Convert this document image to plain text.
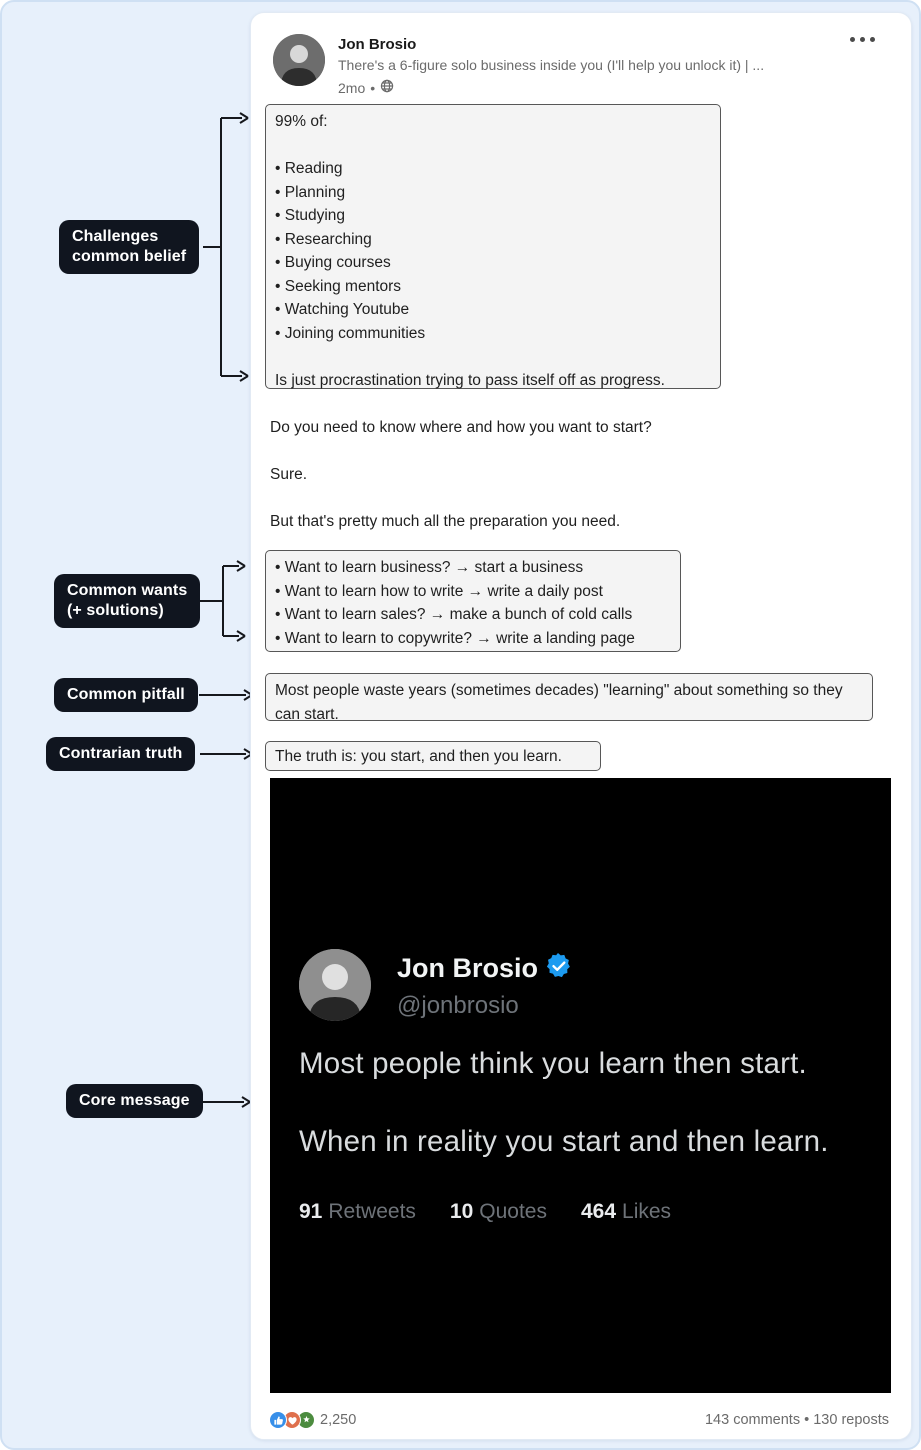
Challenges
common belief
Common wants
(+ solutions)
Common pitfall
Contrarian truth
Core message
Jon Brosio
There's a 6-figure solo business inside you (I'll help you unlock it) | ...
2mo •
99% of:

• Reading
• Planning
• Studying
• Researching
• Buying courses
• Seeking mentors
• Watching Youtube
• Joining communities

Is just procrastination trying to pass itself off as progress.
Do you need to know where and how you want to start?
Sure.
But that's pretty much all the preparation you need.
• Want to learn business? → start a business
• Want to learn how to write → write a daily post
• Want to learn sales? → make a bunch of cold calls
• Want to learn to copywrite? → write a landing page
Most people waste years (sometimes decades) "learning" about something so they can start.
The truth is: you start, and then you learn.
Jon Brosio
@jonbrosio
Most people think you learn then start.
When in reality you start and then learn.
91 Retweets 10 Quotes 464 Likes
2,250	143 comments • 130 reposts
